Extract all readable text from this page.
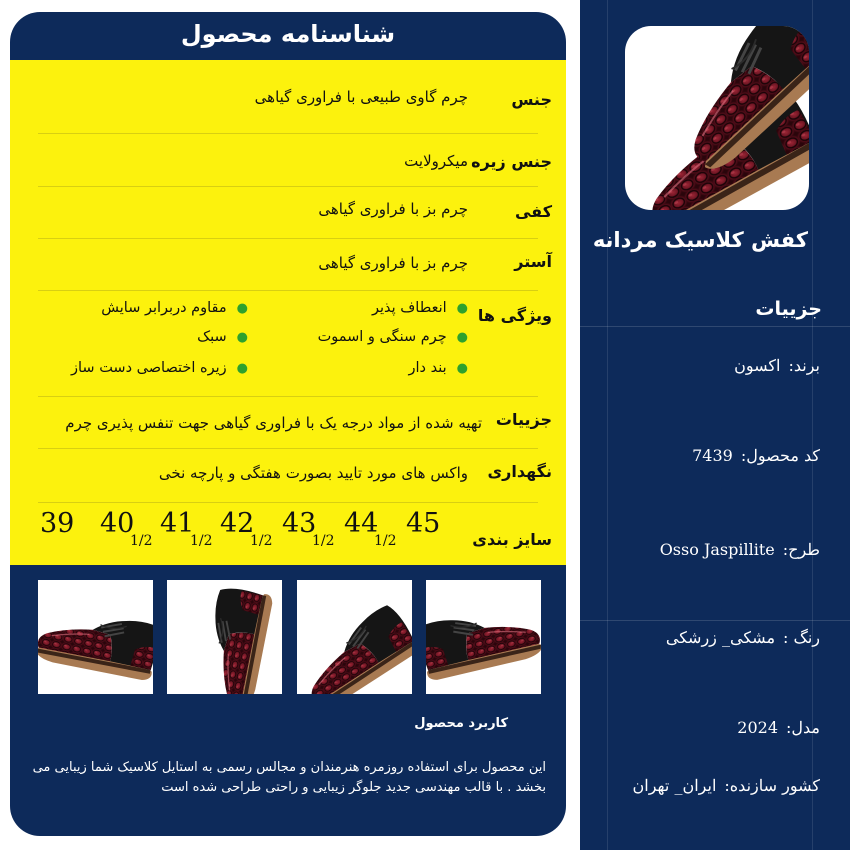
کفش کلاسیک مردانه
جزییات
برند:اکسون
کد محصول:7439
طرح:Osso Jaspillite
رنگ :مشکی_ زرشکی
مدل:2024
کشور سازنده:ایران_ تهران
شناسنامه محصول
جنس
چرم گاوی طبیعی با فراوری گیاهی
جنس زیره
میکرولایت
کفی
چرم بز با فراوری گیاهی
آستر
چرم بز با فراوری گیاهی
ویژگی ها
●انعطاف پذیر
●مقاوم دربرابر سایش
●چرم سنگی و اسموت
●سبک
●بند دار
●زیره اختصاصی دست ساز
جزییات
تهیه شده از مواد درجه یک با فراوری گیاهی جهت تنفس پذیری چرم
نگهداری
واکس های مورد تایید بصورت هفتگی و پارچه نخی
سایز بندی
45
44
1/2
43
1/2
42
1/2
41
1/2
40
1/2
39
کاربرد محصول
این محصول برای استفاده روزمره هنرمندان و مجالس رسمی به استایل کلاسیک شما زیبایی می بخشد . با قالب مهندسی جدید جلوگر زیبایی و راحتی طراحی شده است
